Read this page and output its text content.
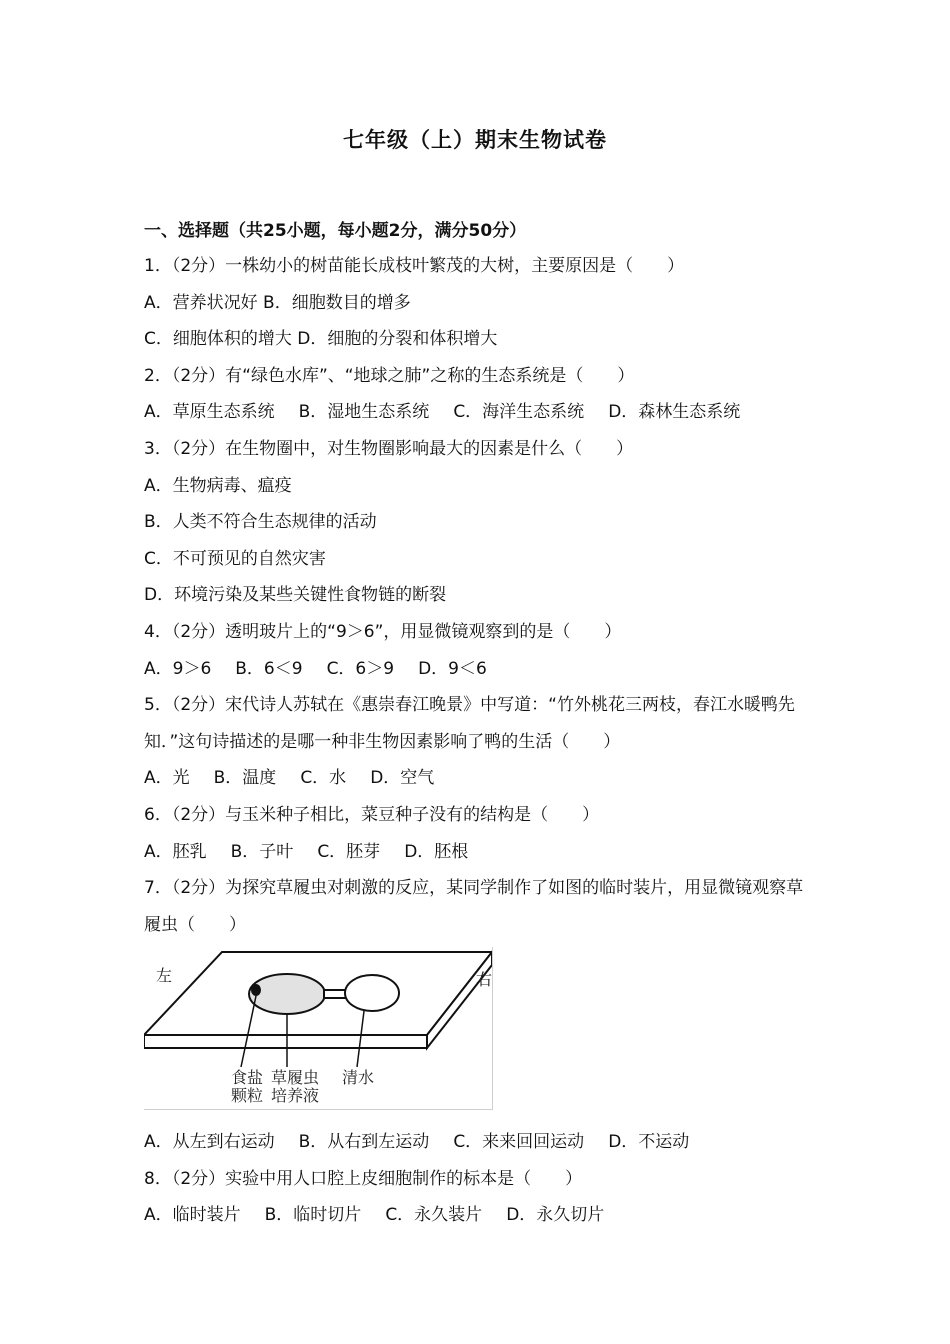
七年级（上）期末生物试卷
一、选择题（共25小题，每小题2分，满分50分）
1．（2分）一株幼小的树苗能长成枝叶繁茂的大树，主要原因是（　　）
A．营养状况好 B．细胞数目的增多
C．细胞体积的增大 D．细胞的分裂和体积增大
2．（2分）有“绿色水库”、“地球之肺”之称的生态系统是（　　）
A．草原生态系统 B．湿地生态系统 C．海洋生态系统 D．森林生态系统
3．（2分）在生物圈中，对生物圈影响最大的因素是什么（　　）
A．生物病毒、瘟疫
B．人类不符合生态规律的活动
C．不可预见的自然灾害
D．环境污染及某些关键性食物链的断裂
4．（2分）透明玻片上的“9＞6”，用显微镜观察到的是（　　）
A．9＞6 B．6＜9 C．6＞9 D．9＜6
5．（2分）宋代诗人苏轼在《惠崇春江晚景》中写道：“竹外桃花三两枝，春江水暖鸭先知．”这句诗描述的是哪一种非生物因素影响了鸭的生活（　　）
A．光 B．温度 C．水 D．空气
6．（2分）与玉米种子相比，菜豆种子没有的结构是（　　）
A．胚乳 B．子叶 C．胚芽 D．胚根
7．（2分）为探究草履虫对刺激的反应，某同学制作了如图的临时装片，用显微镜观察草履虫（　　）
左	右
食盐颗粒
草履虫培养液
清水
A．从左到右运动 B．从右到左运动 C．来来回回运动 D．不运动
8．（2分）实验中用人口腔上皮细胞制作的标本是（　　）
A．临时装片 B．临时切片 C．永久装片 D．永久切片
